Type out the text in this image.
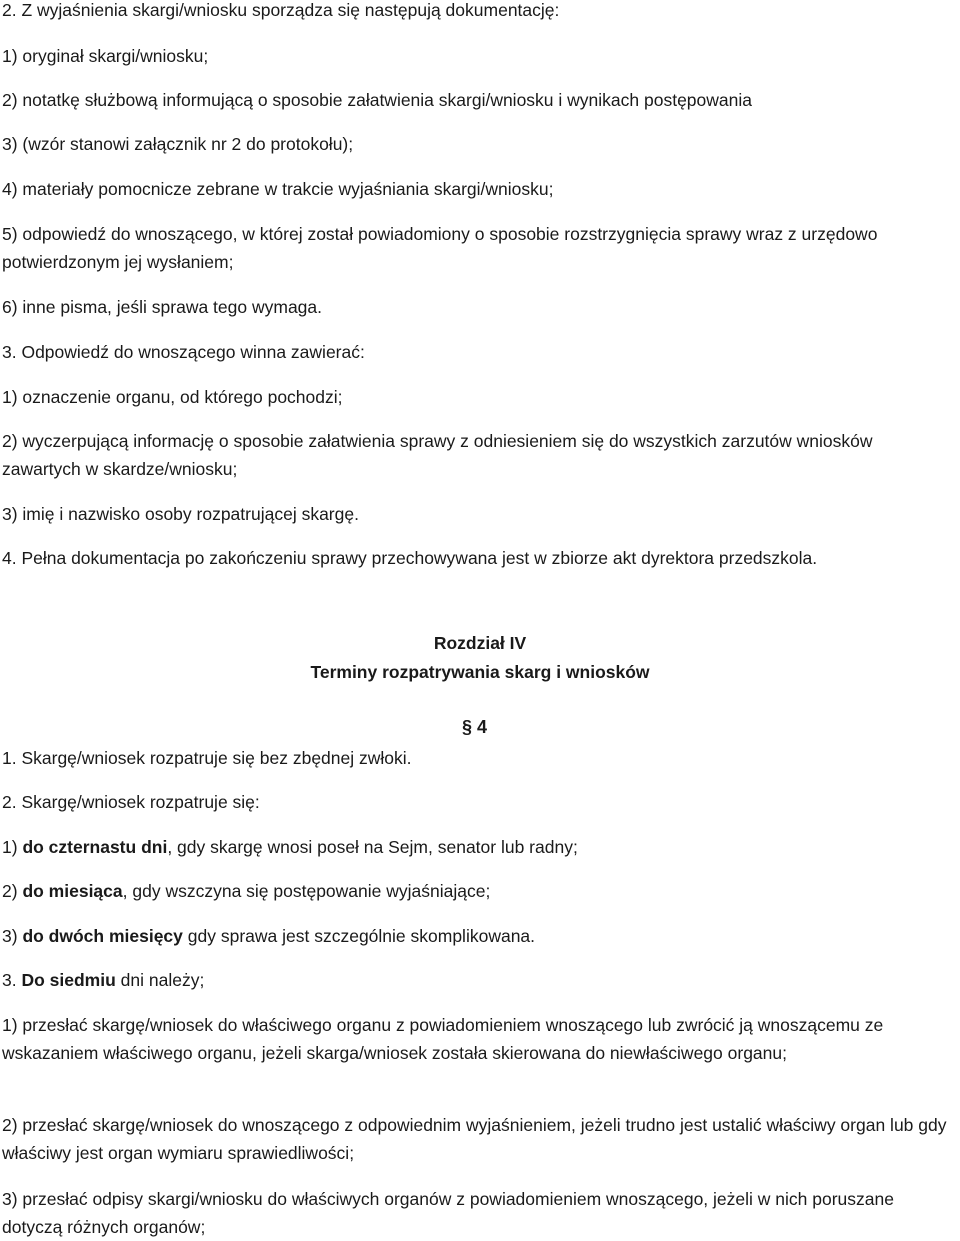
2. Z wyjaśnienia skargi/wniosku sporządza się następują dokumentację:

1) oryginał skargi/wniosku;

2) notatkę służbową informującą o sposobie załatwienia skargi/wniosku i wynikach postępowania

3) (wzór stanowi załącznik nr 2 do protokołu);

4) materiały pomocnicze zebrane w trakcie wyjaśniania skargi/wniosku;

5) odpowiedź do wnoszącego, w której został powiadomiony o sposobie rozstrzygnięcia sprawy wraz z urzędowo potwierdzonym jej wysłaniem;

6) inne pisma, jeśli sprawa tego wymaga.

3. Odpowiedź do wnoszącego winna zawierać:

1) oznaczenie organu, od którego pochodzi;

2) wyczerpującą informację o sposobie załatwienia sprawy z odniesieniem się do wszystkich zarzutów wniosków zawartych w skardze/wniosku;

3) imię i nazwisko osoby rozpatrującej skargę.

4. Pełna dokumentacja po zakończeniu sprawy przechowywana jest w zbiorze akt dyrektora przedszkola.

Rozdział IV

Terminy rozpatrywania skarg i wniosków

§ 4

1. Skargę/wniosek rozpatruje się bez zbędnej zwłoki.

2. Skargę/wniosek rozpatruje się:

1) do czternastu dni, gdy skargę wnosi poseł na Sejm, senator lub radny;

2) do miesiąca, gdy wszczyna się postępowanie wyjaśniające;

3) do dwóch miesięcy gdy sprawa jest szczególnie skomplikowana.

3. Do siedmiu dni należy;

1) przesłać skargę/wniosek do właściwego organu z powiadomieniem wnoszącego lub zwrócić ją wnoszącemu ze wskazaniem właściwego organu, jeżeli skarga/wniosek została skierowana do niewłaściwego organu;

2) przesłać skargę/wniosek do wnoszącego z odpowiednim wyjaśnieniem, jeżeli trudno jest ustalić właściwy organ lub gdy właściwy jest organ wymiaru sprawiedliwości;

3) przesłać odpisy skargi/wniosku do właściwych organów z powiadomieniem wnoszącego, jeżeli w nich poruszane dotyczą różnych organów;
